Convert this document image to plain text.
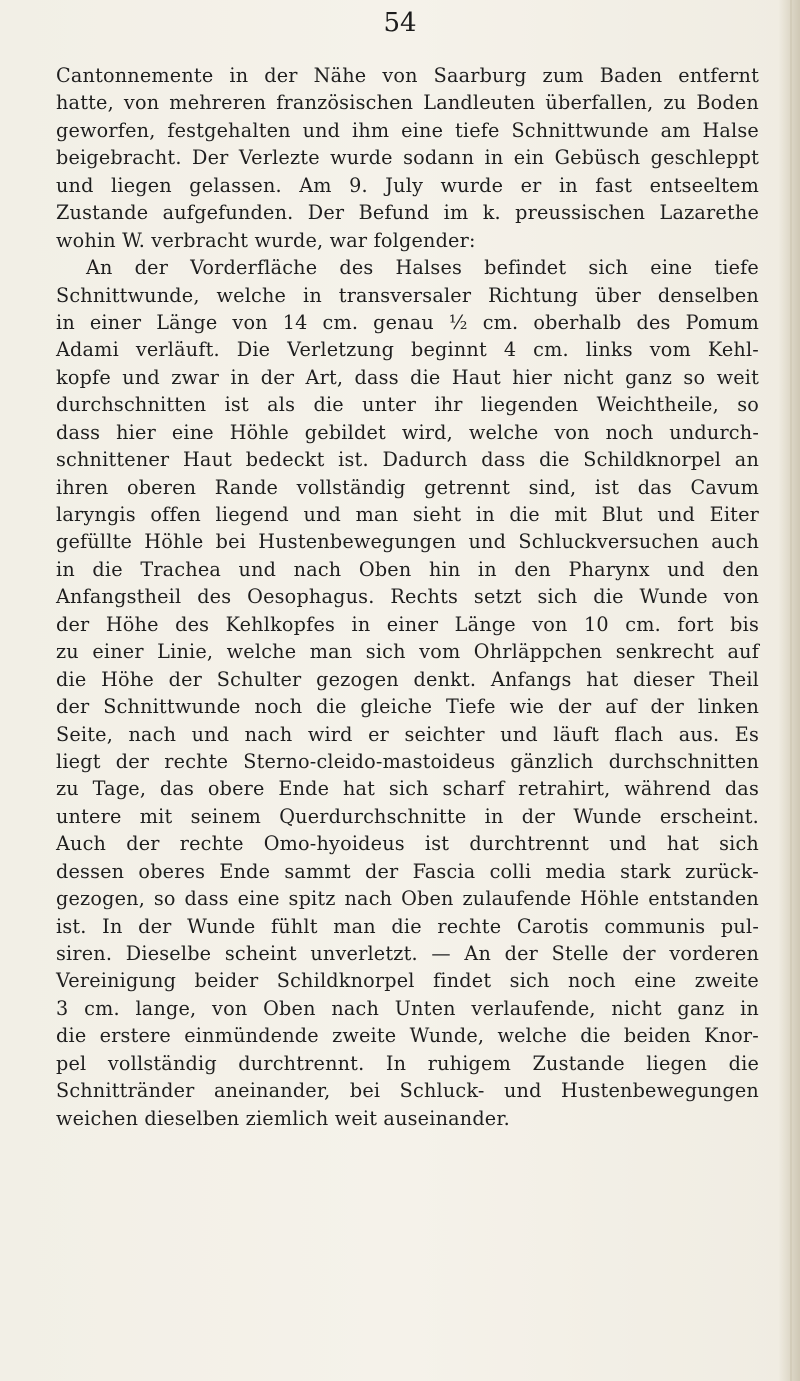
54
Cantonnemente in der Nähe von Saarburg zum Baden entfernt
hatte, von mehreren französischen Landleuten überfallen, zu Boden
geworfen, festgehalten und ihm eine tiefe Schnittwunde am Halse
beigebracht. Der Verlezte wurde sodann in ein Gebüsch geschleppt
und liegen gelassen. Am 9. July wurde er in fast entseeltem
Zustande aufgefunden. Der Befund im k. preussischen Lazarethe
wohin W. verbracht wurde, war folgender:
An der Vorderfläche des Halses befindet sich eine tiefe
Schnittwunde, welche in transversaler Richtung über denselben
in einer Länge von 14 cm. genau ½ cm. oberhalb des Pomum
Adami verläuft. Die Verletzung beginnt 4 cm. links vom Kehl-
kopfe und zwar in der Art, dass die Haut hier nicht ganz so weit
durchschnitten ist als die unter ihr liegenden Weichtheile, so
dass hier eine Höhle gebildet wird, welche von noch undurch-
schnittener Haut bedeckt ist. Dadurch dass die Schildknorpel an
ihren oberen Rande vollständig getrennt sind, ist das Cavum
laryngis offen liegend und man sieht in die mit Blut und Eiter
gefüllte Höhle bei Hustenbewegungen und Schluckversuchen auch
in die Trachea und nach Oben hin in den Pharynx und den
Anfangstheil des Oesophagus. Rechts setzt sich die Wunde von
der Höhe des Kehlkopfes in einer Länge von 10 cm. fort bis
zu einer Linie, welche man sich vom Ohrläppchen senkrecht auf
die Höhe der Schulter gezogen denkt. Anfangs hat dieser Theil
der Schnittwunde noch die gleiche Tiefe wie der auf der linken
Seite, nach und nach wird er seichter und läuft flach aus. Es
liegt der rechte Sterno-cleido-mastoideus gänzlich durchschnitten
zu Tage, das obere Ende hat sich scharf retrahirt, während das
untere mit seinem Querdurchschnitte in der Wunde erscheint.
Auch der rechte Omo-hyoideus ist durchtrennt und hat sich
dessen oberes Ende sammt der Fascia colli media stark zurück-
gezogen, so dass eine spitz nach Oben zulaufende Höhle entstanden
ist. In der Wunde fühlt man die rechte Carotis communis pul-
siren. Dieselbe scheint unverletzt. — An der Stelle der vorderen
Vereinigung beider Schildknorpel findet sich noch eine zweite
3 cm. lange, von Oben nach Unten verlaufende, nicht ganz in
die erstere einmündende zweite Wunde, welche die beiden Knor-
pel vollständig durchtrennt. In ruhigem Zustande liegen die
Schnittränder aneinander, bei Schluck- und Hustenbewegungen
weichen dieselben ziemlich weit auseinander.
